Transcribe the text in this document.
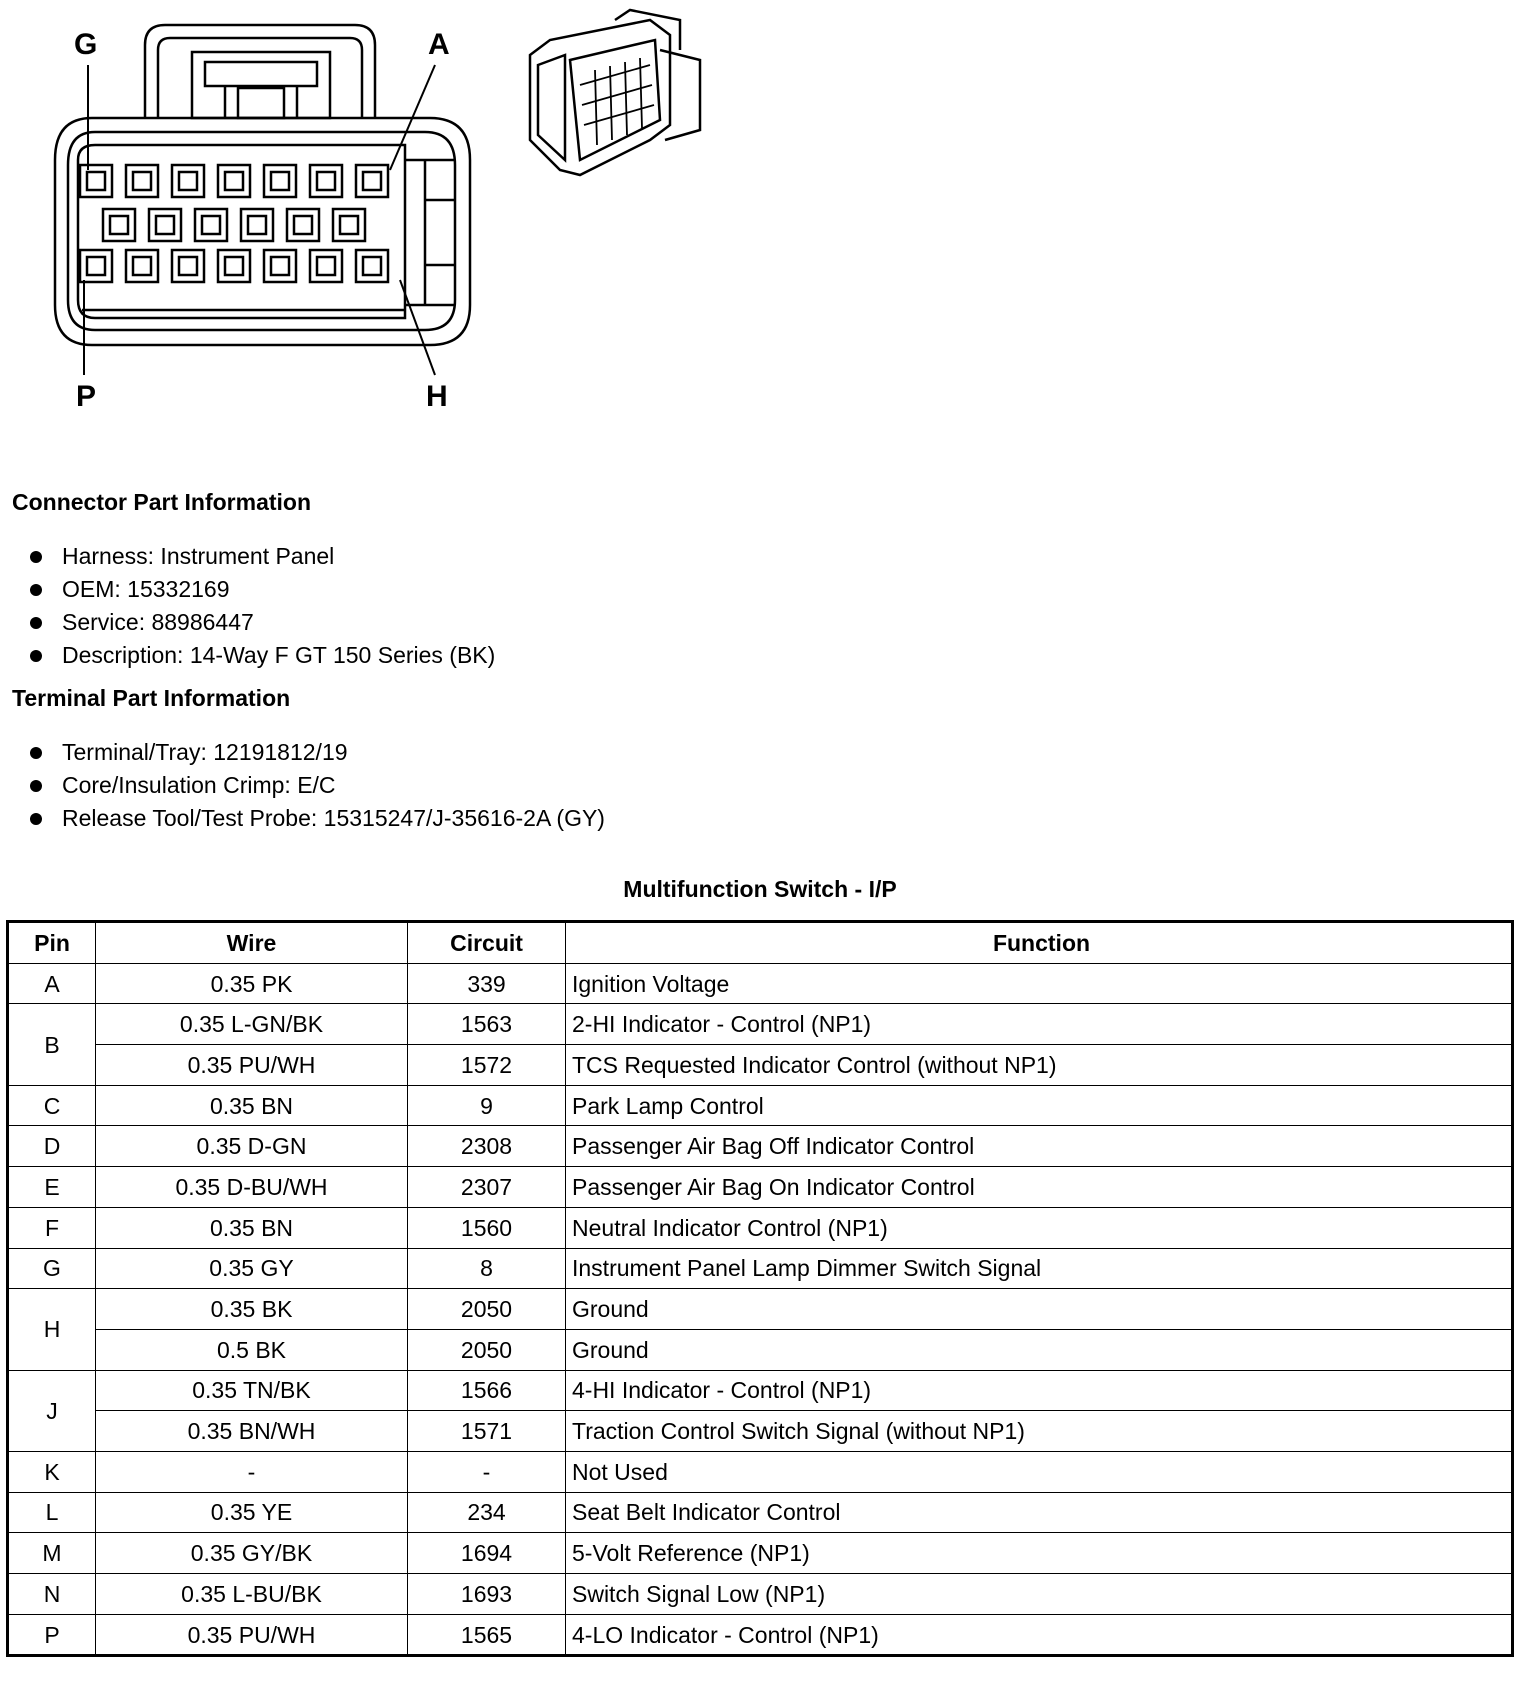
G	A
P	H
Connector Part Information
Harness: Instrument Panel
OEM: 15332169
Service: 88986447
Description: 14-Way F GT 150 Series (BK)
Terminal Part Information
Terminal/Tray: 12191812/19
Core/Insulation Crimp: E/C
Release Tool/Test Probe: 15315247/J-35616-2A (GY)
Multifunction Switch - I/P
Pin	Wire	Circuit	Function
A	0.35 PK	339	Ignition Voltage
B	0.35 L-GN/BK	1563	2-HI Indicator - Control (NP1)
	0.35 PU/WH	1572	TCS Requested Indicator Control (without NP1)
C	0.35 BN	9	Park Lamp Control
D	0.35 D-GN	2308	Passenger Air Bag Off Indicator Control
E	0.35 D-BU/WH	2307	Passenger Air Bag On Indicator Control
F	0.35 BN	1560	Neutral Indicator Control (NP1)
G	0.35 GY	8	Instrument Panel Lamp Dimmer Switch Signal
H	0.35 BK	2050	Ground
	0.5 BK	2050	Ground
J	0.35 TN/BK	1566	4-HI Indicator - Control (NP1)
	0.35 BN/WH	1571	Traction Control Switch Signal (without NP1)
K	-	-	Not Used
L	0.35 YE	234	Seat Belt Indicator Control
M	0.35 GY/BK	1694	5-Volt Reference (NP1)
N	0.35 L-BU/BK	1693	Switch Signal Low (NP1)
P	0.35 PU/WH	1565	4-LO Indicator - Control (NP1)
